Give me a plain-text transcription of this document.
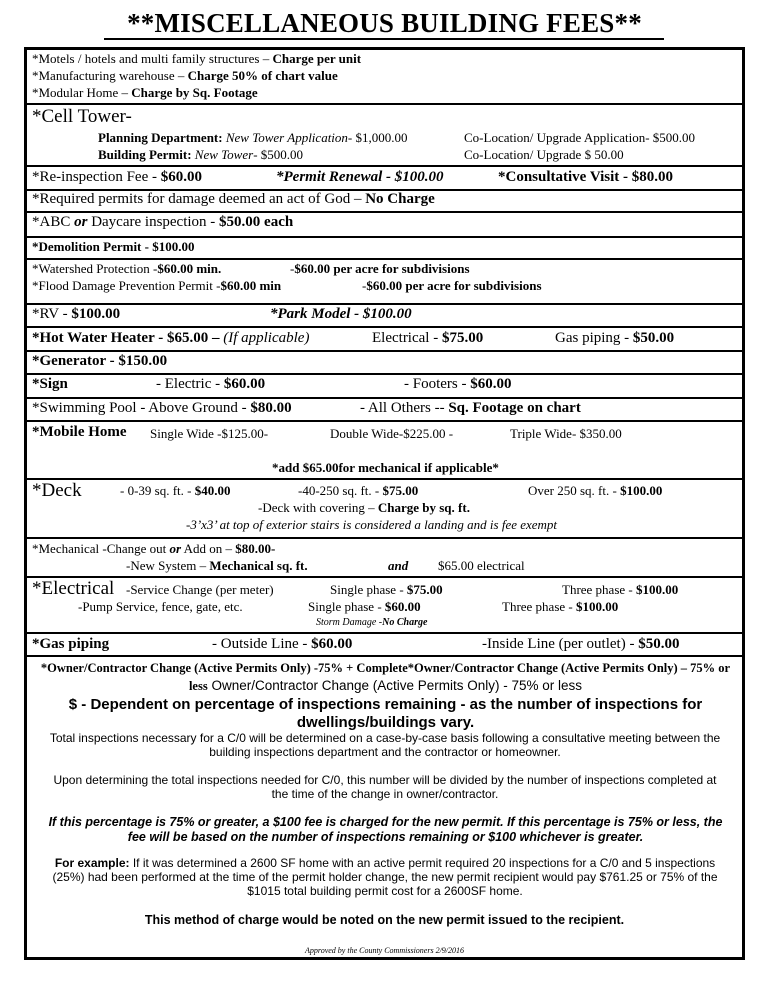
**MISCELLANEOUS BUILDING FEES**
*Motels / hotels and multi family structures – Charge per unit
*Manufacturing warehouse – Charge 50% of chart value
*Modular Home – Charge by Sq. Footage
*Cell Tower-
Planning Department: New Tower Application- $1,000.00	Co-Location/ Upgrade Application- $500.00
Building Permit: New Tower- $500.00	Co-Location/ Upgrade $ 50.00
*Re-inspection Fee - $60.00	*Permit Renewal - $100.00	*Consultative Visit - $80.00
*Required permits for damage deemed an act of God – No Charge
*ABC or Daycare inspection - $50.00 each
*Demolition Permit - $100.00
*Watershed Protection -$60.00 min.	-$60.00 per acre for subdivisions
*Flood Damage Prevention Permit -$60.00 min	-$60.00 per acre for subdivisions
*RV - $100.00	*Park Model - $100.00
*Hot Water Heater - $65.00 – (If applicable)	Electrical - $75.00	Gas piping - $50.00
*Generator - $150.00
*Sign	- Electric - $60.00	- Footers - $60.00
*Swimming Pool - Above Ground - $80.00	- All Others -- Sq. Footage on chart
*Mobile Home Single Wide -$125.00-	Double Wide-$225.00 -	Triple Wide- $350.00
*add $65.00for mechanical if applicable*
*Deck	- 0-39 sq. ft. - $40.00	-40-250 sq. ft. - $75.00	Over 250 sq. ft. - $100.00
-Deck with covering – Charge by sq. ft.
-3’x3’ at top of exterior stairs is considered a landing and is fee exempt
*Mechanical -Change out or Add on – $80.00-
-New System – Mechanical sq. ft.	and $65.00 electrical
*Electrical -Service Change (per meter)	Single phase - $75.00	Three phase - $100.00
-Pump Service, fence, gate, etc.	Single phase - $60.00	Three phase - $100.00
Storm Damage -No Charge
*Gas piping	- Outside Line - $60.00	-Inside Line (per outlet) - $50.00
*Owner/Contractor Change (Active Permits Only) -75% + Complete*Owner/Contractor Change (Active Permits Only) – 75% or less Owner/Contractor Change (Active Permits Only) - 75% or less
$ - Dependent on percentage of inspections remaining - as the number of inspections for dwellings/buildings vary.
Total inspections necessary for a C/0 will be determined on a case-by-case basis following a consultative meeting between the building inspections department and the contractor or homeowner.
Upon determining the total inspections needed for C/0, this number will be divided by the number of inspections completed at the time of the change in owner/contractor.
If this percentage is 75% or greater, a $100 fee is charged for the new permit. If this percentage is 75% or less, the fee will be based on the number of inspections remaining or $100 whichever is greater.
For example: If it was determined a 2600 SF home with an active permit required 20 inspections for a C/0 and 5 inspections (25%) had been performed at the time of the permit holder change, the new permit recipient would pay $761.25 or 75% of the $1015 total building permit cost for a 2600SF home.
This method of charge would be noted on the new permit issued to the recipient.
Approved by the County Commissioners 2/9/2016
